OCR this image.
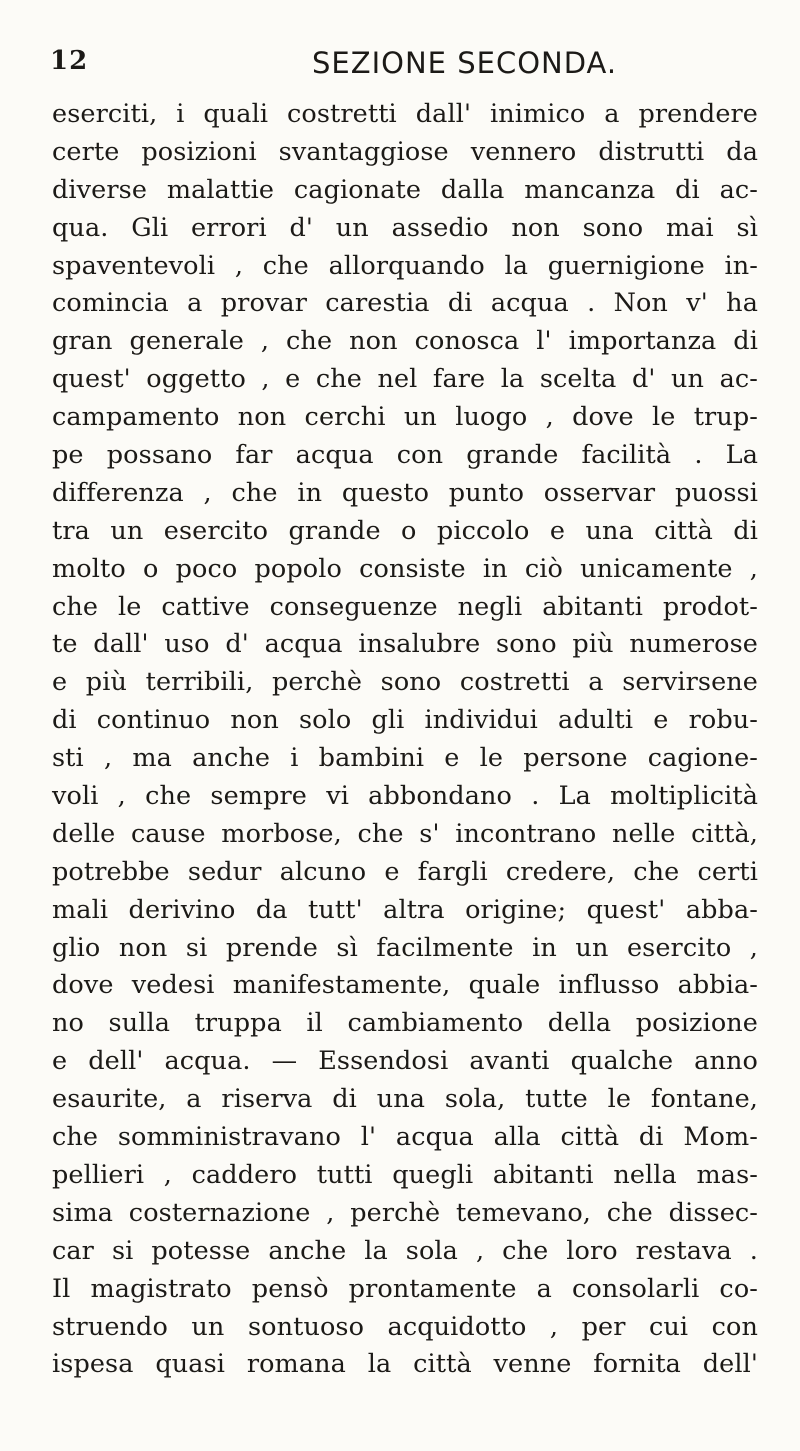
12	SEZIONE SECONDA.
eserciti, i quali costretti dall' inimico a prendere
certe posizioni svantaggiose vennero distrutti da
diverse malattie cagionate dalla mancanza di ac-
qua. Gli errori d' un assedio non sono mai sì
spaventevoli , che allorquando la guernigione in-
comincia a provar carestia di acqua . Non v' ha
gran generale , che non conosca l' importanza di
quest' oggetto , e che nel fare la scelta d' un ac-
campamento non cerchi un luogo , dove le trup-
pe possano far acqua con grande facilità . La
differenza , che in questo punto osservar puossi
tra un esercito grande o piccolo e una città di
molto o poco popolo consiste in ciò unicamente ,
che le cattive conseguenze negli abitanti prodot-
te dall' uso d' acqua insalubre sono più numerose
e più terribili, perchè sono costretti a servirsene
di continuo non solo gli individui adulti e robu-
sti , ma anche i bambini e le persone cagione-
voli , che sempre vi abbondano . La moltiplicità
delle cause morbose, che s' incontrano nelle città,
potrebbe sedur alcuno e fargli credere, che certi
mali derivino da tutt' altra origine; quest' abba-
glio non si prende sì facilmente in un esercito ,
dove vedesi manifestamente, quale influsso abbia-
no sulla truppa il cambiamento della posizione
e dell' acqua. — Essendosi avanti qualche anno
esaurite, a riserva di una sola, tutte le fontane,
che somministravano l' acqua alla città di Mom-
pellieri , caddero tutti quegli abitanti nella mas-
sima costernazione , perchè temevano, che dissec-
car si potesse anche la sola , che loro restava .
Il magistrato pensò prontamente a consolarli co-
struendo un sontuoso acquidotto , per cui con
ispesa quasi romana la città venne fornita dell'
